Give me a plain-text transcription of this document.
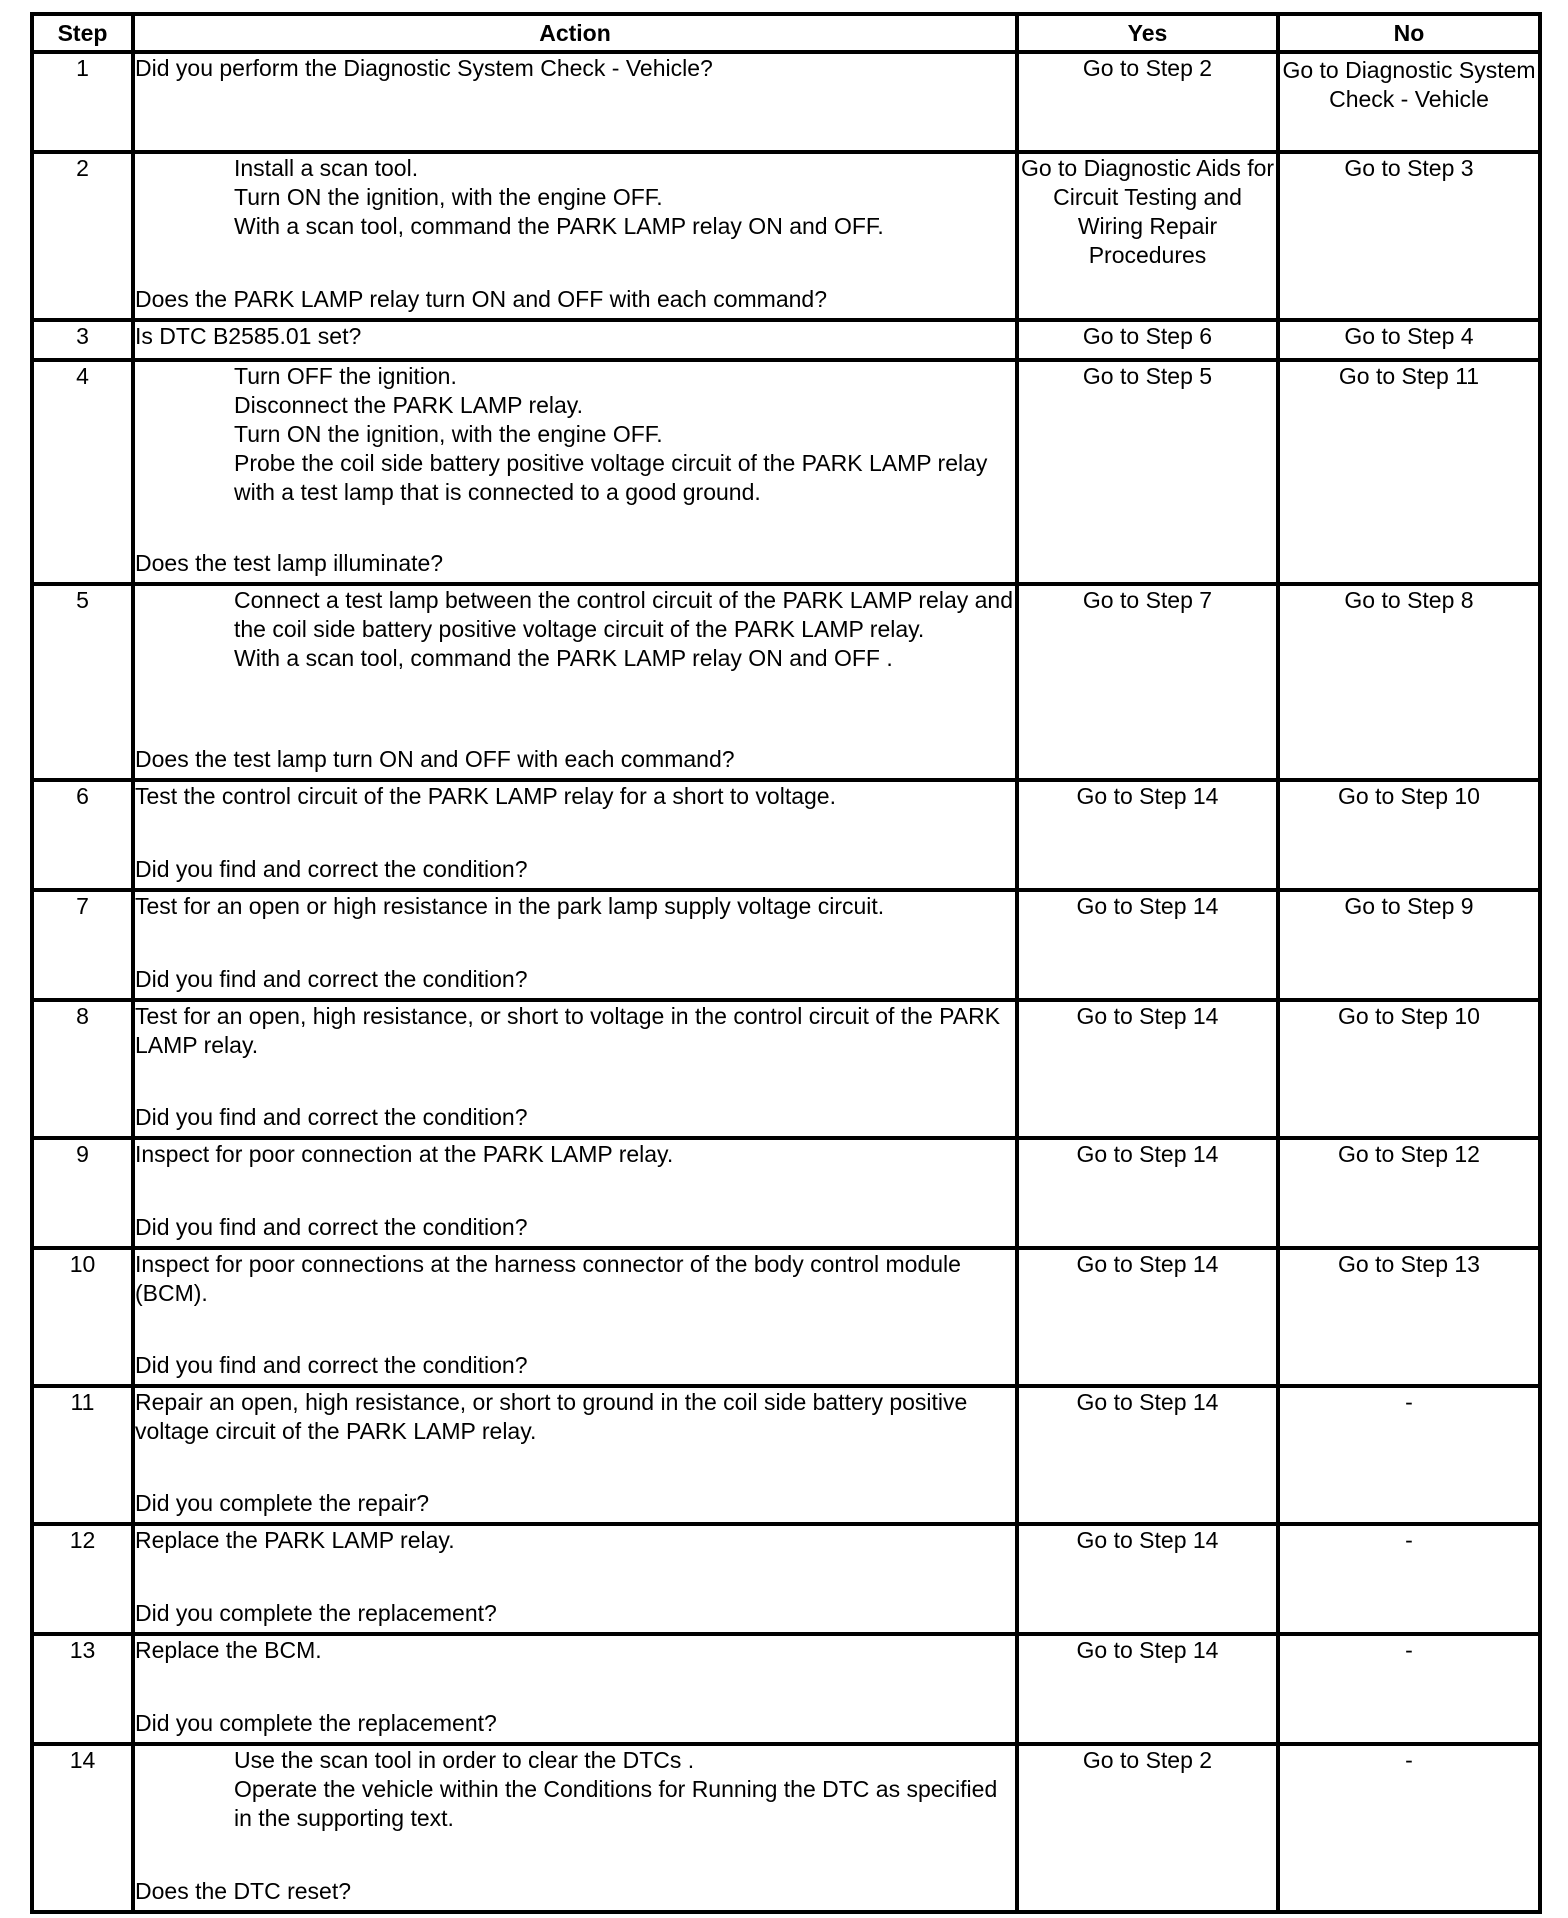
Step	Action	Yes	No
1	Did you perform the Diagnostic System Check - Vehicle?	Go to Step 2	Go to Diagnostic System Check - Vehicle
2	Install a scan tool.
Turn ON the ignition, with the engine OFF.
With a scan tool, command the PARK LAMP relay ON and OFF.
Does the PARK LAMP relay turn ON and OFF with each command?	Go to Diagnostic Aids for Circuit Testing and Wiring Repair Procedures	Go to Step 3
3	Is DTC B2585.01 set?	Go to Step 6	Go to Step 4
4	Turn OFF the ignition.
Disconnect the PARK LAMP relay.
Turn ON the ignition, with the engine OFF.
Probe the coil side battery positive voltage circuit of the PARK LAMP relay with a test lamp that is connected to a good ground.
Does the test lamp illuminate?	Go to Step 5	Go to Step 11
5	Connect a test lamp between the control circuit of the PARK LAMP relay and the coil side battery positive voltage circuit of the PARK LAMP relay.
With a scan tool, command the PARK LAMP relay ON and OFF .
Does the test lamp turn ON and OFF with each command?	Go to Step 7	Go to Step 8
6	Test the control circuit of the PARK LAMP relay for a short to voltage.
Did you find and correct the condition?	Go to Step 14	Go to Step 10
7	Test for an open or high resistance in the park lamp supply voltage circuit.
Did you find and correct the condition?	Go to Step 14	Go to Step 9
8	Test for an open, high resistance, or short to voltage in the control circuit of the PARK LAMP relay.
Did you find and correct the condition?	Go to Step 14	Go to Step 10
9	Inspect for poor connection at the PARK LAMP relay.
Did you find and correct the condition?	Go to Step 14	Go to Step 12
10	Inspect for poor connections at the harness connector of the body control module (BCM).
Did you find and correct the condition?	Go to Step 14	Go to Step 13
11	Repair an open, high resistance, or short to ground in the coil side battery positive voltage circuit of the PARK LAMP relay.
Did you complete the repair?	Go to Step 14	-
12	Replace the PARK LAMP relay.
Did you complete the replacement?	Go to Step 14	-
13	Replace the BCM.
Did you complete the replacement?	Go to Step 14	-
14	Use the scan tool in order to clear the DTCs .
Operate the vehicle within the Conditions for Running the DTC as specified in the supporting text.
Does the DTC reset?	Go to Step 2	-
